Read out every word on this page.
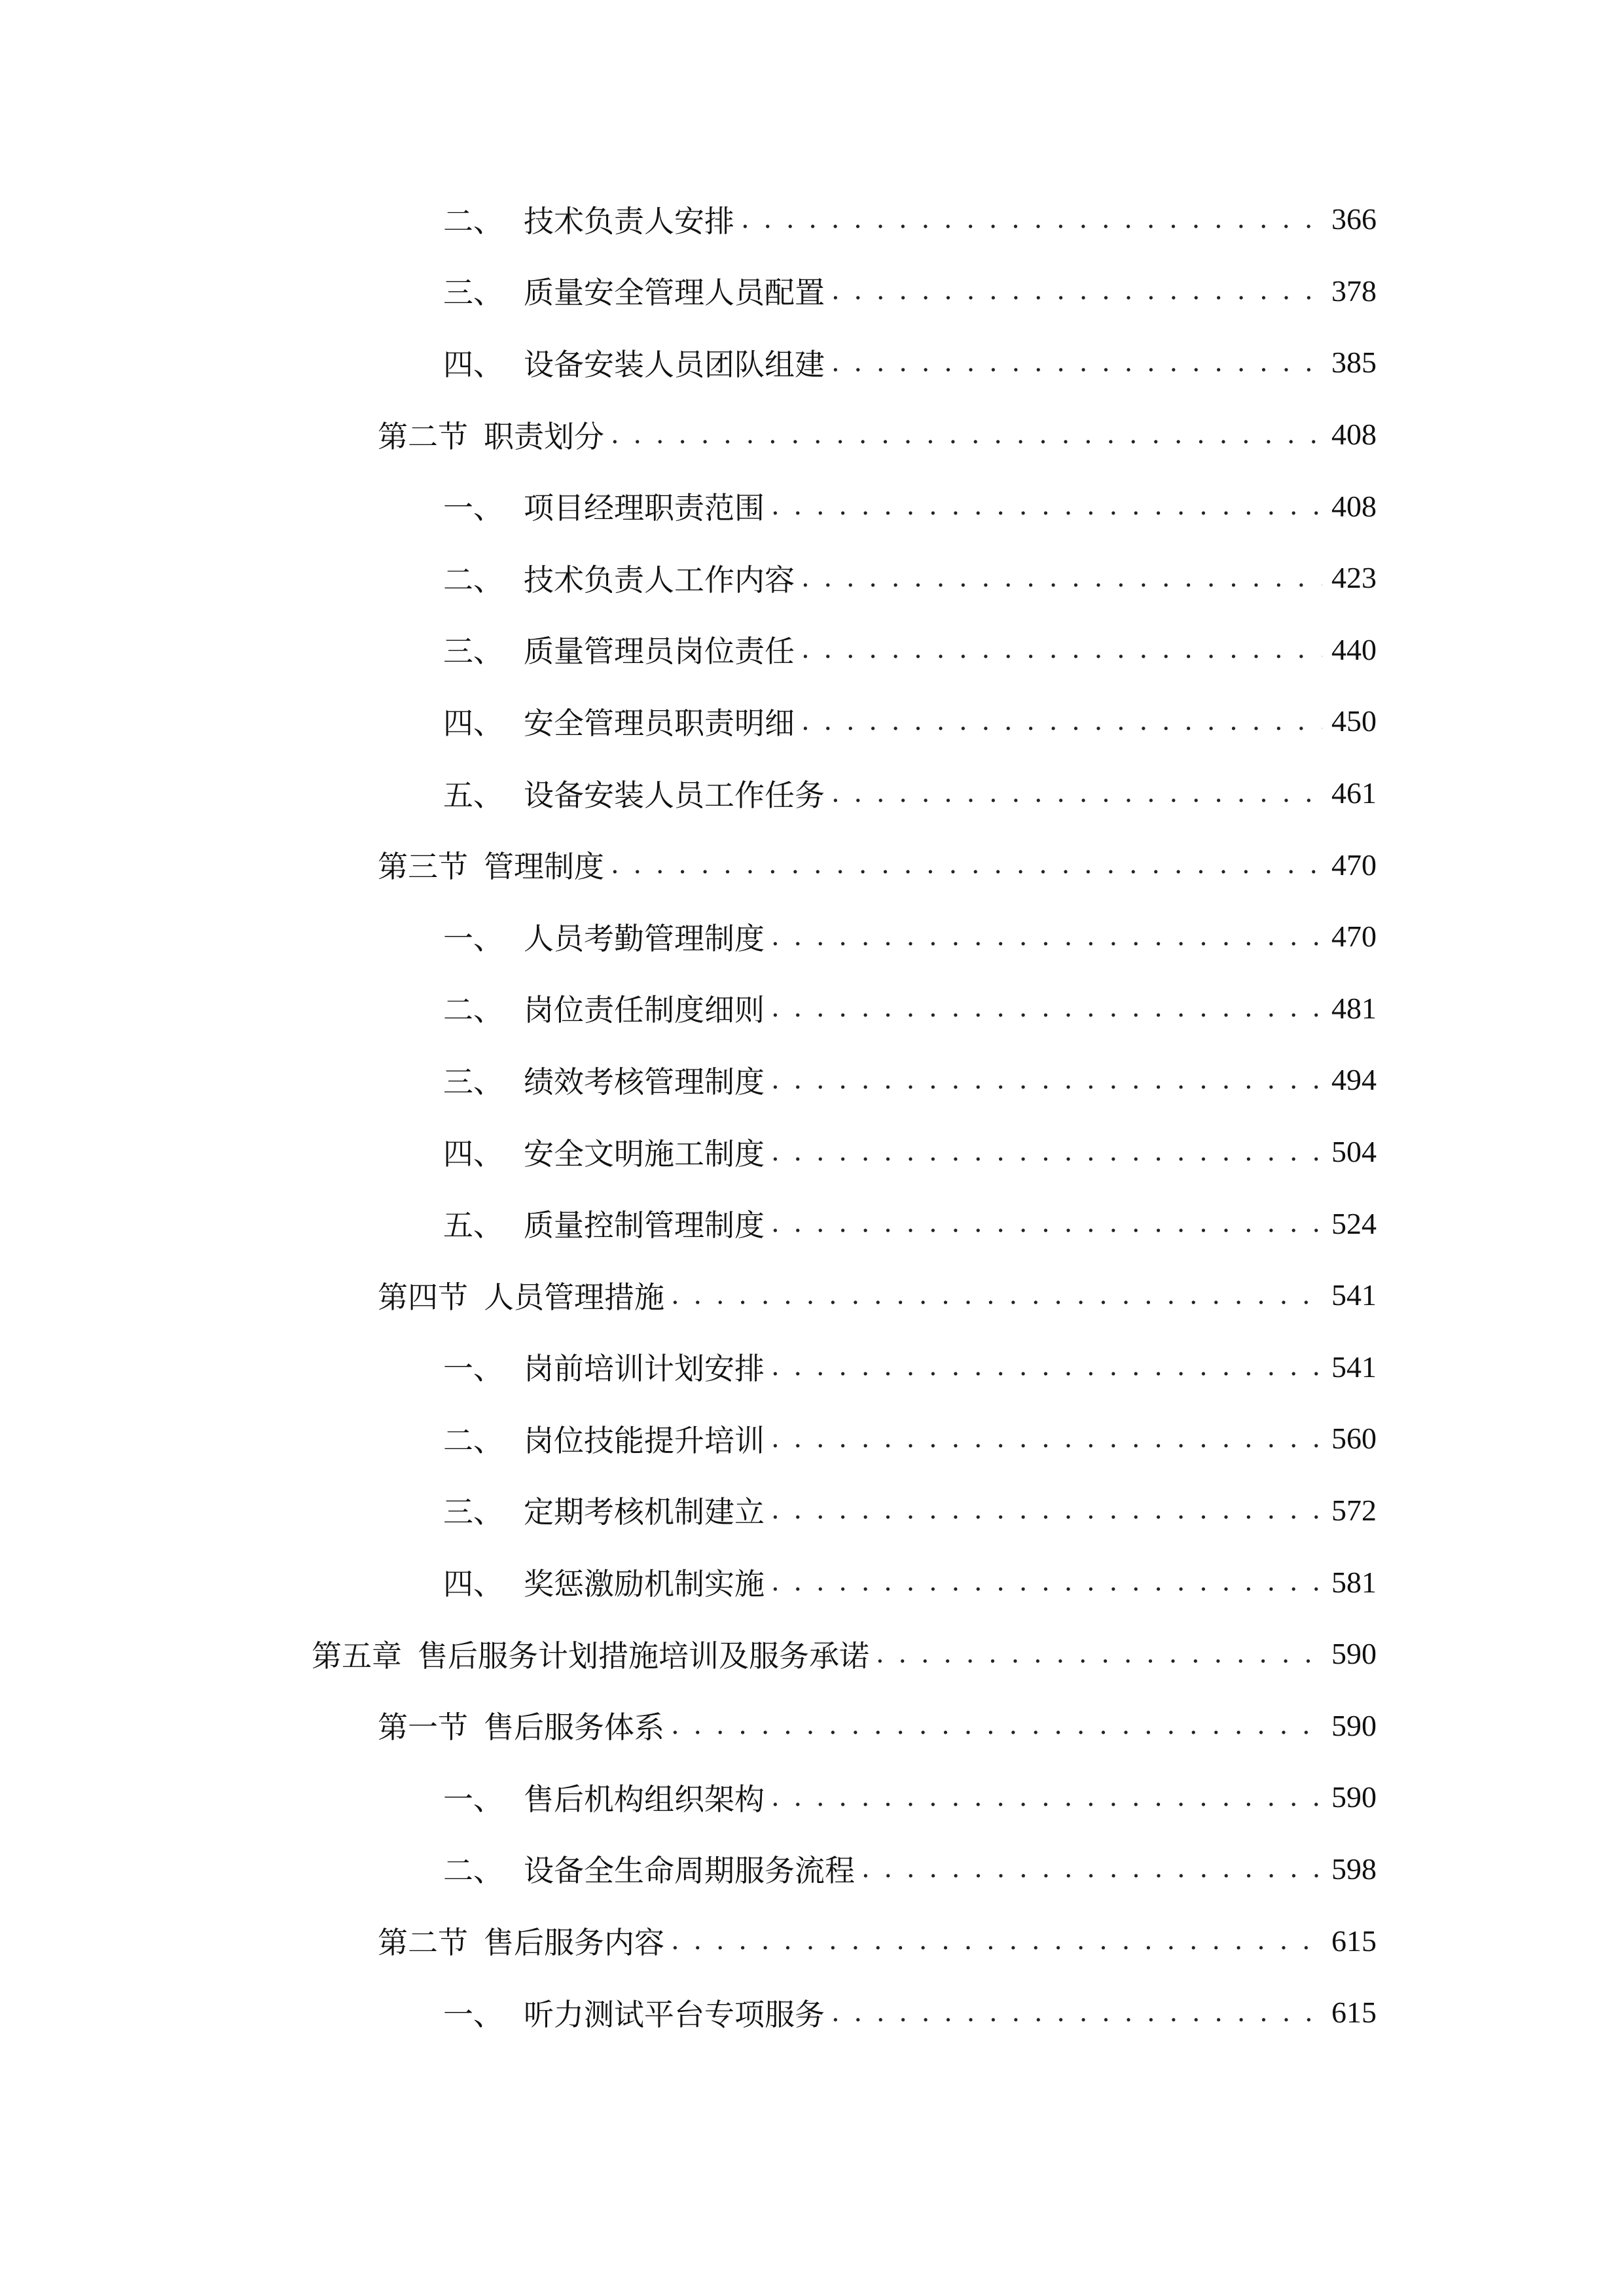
二、 技术负责人安排 . . .	366
三、 质量安全管理人员配置 . . .	378
四、 设备安装人员团队组建 . . .	385
第二节 职责划分 . . .	408
一、 项目经理职责范围 . . .	408
二、 技术负责人工作内容 . . .	423
三、 质量管理员岗位责任 . . .	440
四、 安全管理员职责明细 . . .	450
五、 设备安装人员工作任务 . . .	461
第三节 管理制度 . . .	470
一、 人员考勤管理制度 . . .	470
二、 岗位责任制度细则 . . .	481
三、 绩效考核管理制度 . . .	494
四、 安全文明施工制度 . . .	504
五、 质量控制管理制度 . . .	524
第四节 人员管理措施 . . .	541
一、 岗前培训计划安排 . . .	541
二、 岗位技能提升培训 . . .	560
三、 定期考核机制建立 . . .	572
四、 奖惩激励机制实施 . . .	581
第五章 售后服务计划措施培训及服务承诺 . . .	590
第一节 售后服务体系 . . .	590
一、 售后机构组织架构 . . .	590
二、 设备全生命周期服务流程 . . .	598
第二节 售后服务内容 . . .	615
一、 听力测试平台专项服务 . . .	615
